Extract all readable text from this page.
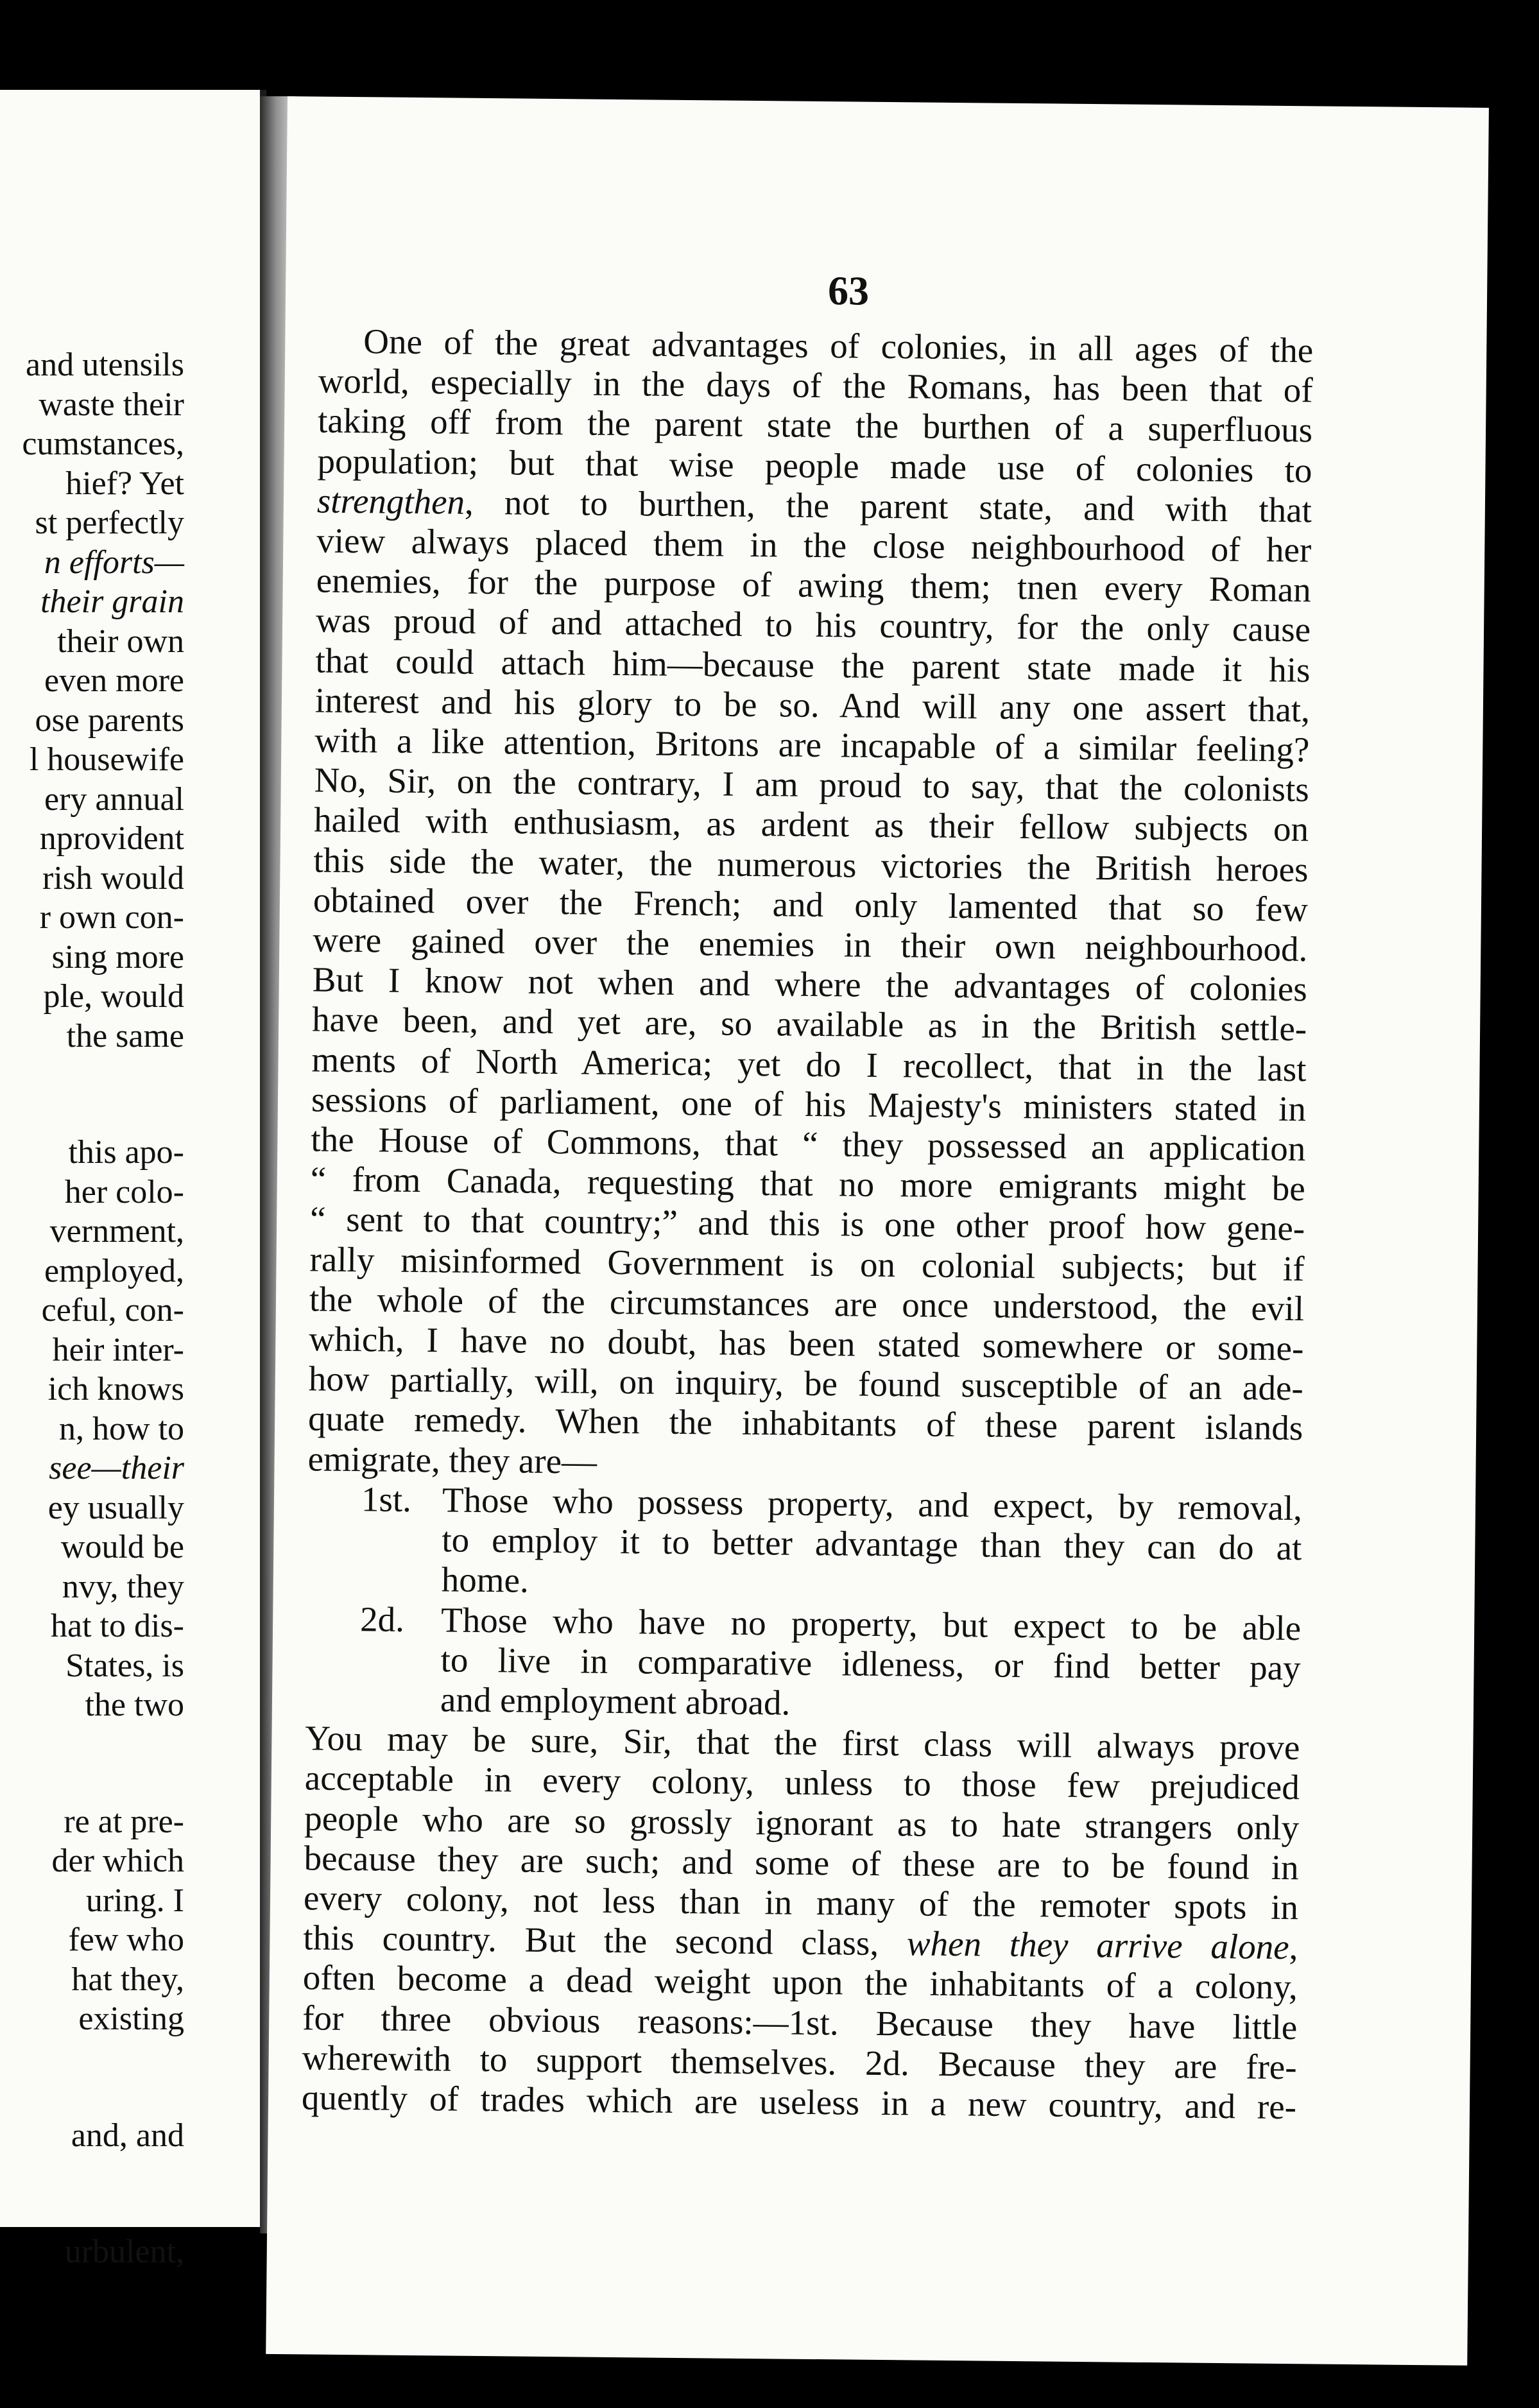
and utensils
waste their
cumstances,
hief? Yet
st perfectly
n efforts—
their grain
their own
even more
ose parents
l housewife
ery annual
nprovident
rish would
r own con-
sing more
ple, would
the same
this apo-
her colo-
vernment,
employed,
ceful, con-
heir inter-
ich knows
n, how to
see—their
ey usually
would be
nvy, they
hat to dis-
States, is
the two
re at pre-
der which
uring. I
few who
hat they,
existing
and, and
urbulent,
63
One of the great advantages of colonies, in all ages of the
world, especially in the days of the Romans, has been that of
taking off from the parent state the burthen of a superfluous
population; but that wise people made use of colonies to
strengthen, not to burthen, the parent state, and with that
view always placed them in the close neighbourhood of her
enemies, for the purpose of awing them; tnen every Roman
was proud of and attached to his country, for the only cause
that could attach him—because the parent state made it his
interest and his glory to be so. And will any one assert that,
with a like attention, Britons are incapable of a similar feeling?
No, Sir, on the contrary, I am proud to say, that the colonists
hailed with enthusiasm, as ardent as their fellow subjects on
this side the water, the numerous victories the British heroes
obtained over the French; and only lamented that so few
were gained over the enemies in their own neighbourhood.
But I know not when and where the advantages of colonies
have been, and yet are, so available as in the British settle-
ments of North America; yet do I recollect, that in the last
sessions of parliament, one of his Majesty's ministers stated in
the House of Commons, that “ they possessed an application
“ from Canada, requesting that no more emigrants might be
“ sent to that country;” and this is one other proof how gene-
rally misinformed Government is on colonial subjects; but if
the whole of the circumstances are once understood, the evil
which, I have no doubt, has been stated somewhere or some-
how partially, will, on inquiry, be found susceptible of an ade-
quate remedy. When the inhabitants of these parent islands
emigrate, they are—
1st. Those who possess property, and expect, by removal,
to employ it to better advantage than they can do at
home.
2d. Those who have no property, but expect to be able
to live in comparative idleness, or find better pay
and employment abroad.
You may be sure, Sir, that the first class will always prove
acceptable in every colony, unless to those few prejudiced
people who are so grossly ignorant as to hate strangers only
because they are such; and some of these are to be found in
every colony, not less than in many of the remoter spots in
this country. But the second class, when they arrive alone,
often become a dead weight upon the inhabitants of a colony,
for three obvious reasons:—1st. Because they have little
wherewith to support themselves. 2d. Because they are fre-
quently of trades which are useless in a new country, and re-
